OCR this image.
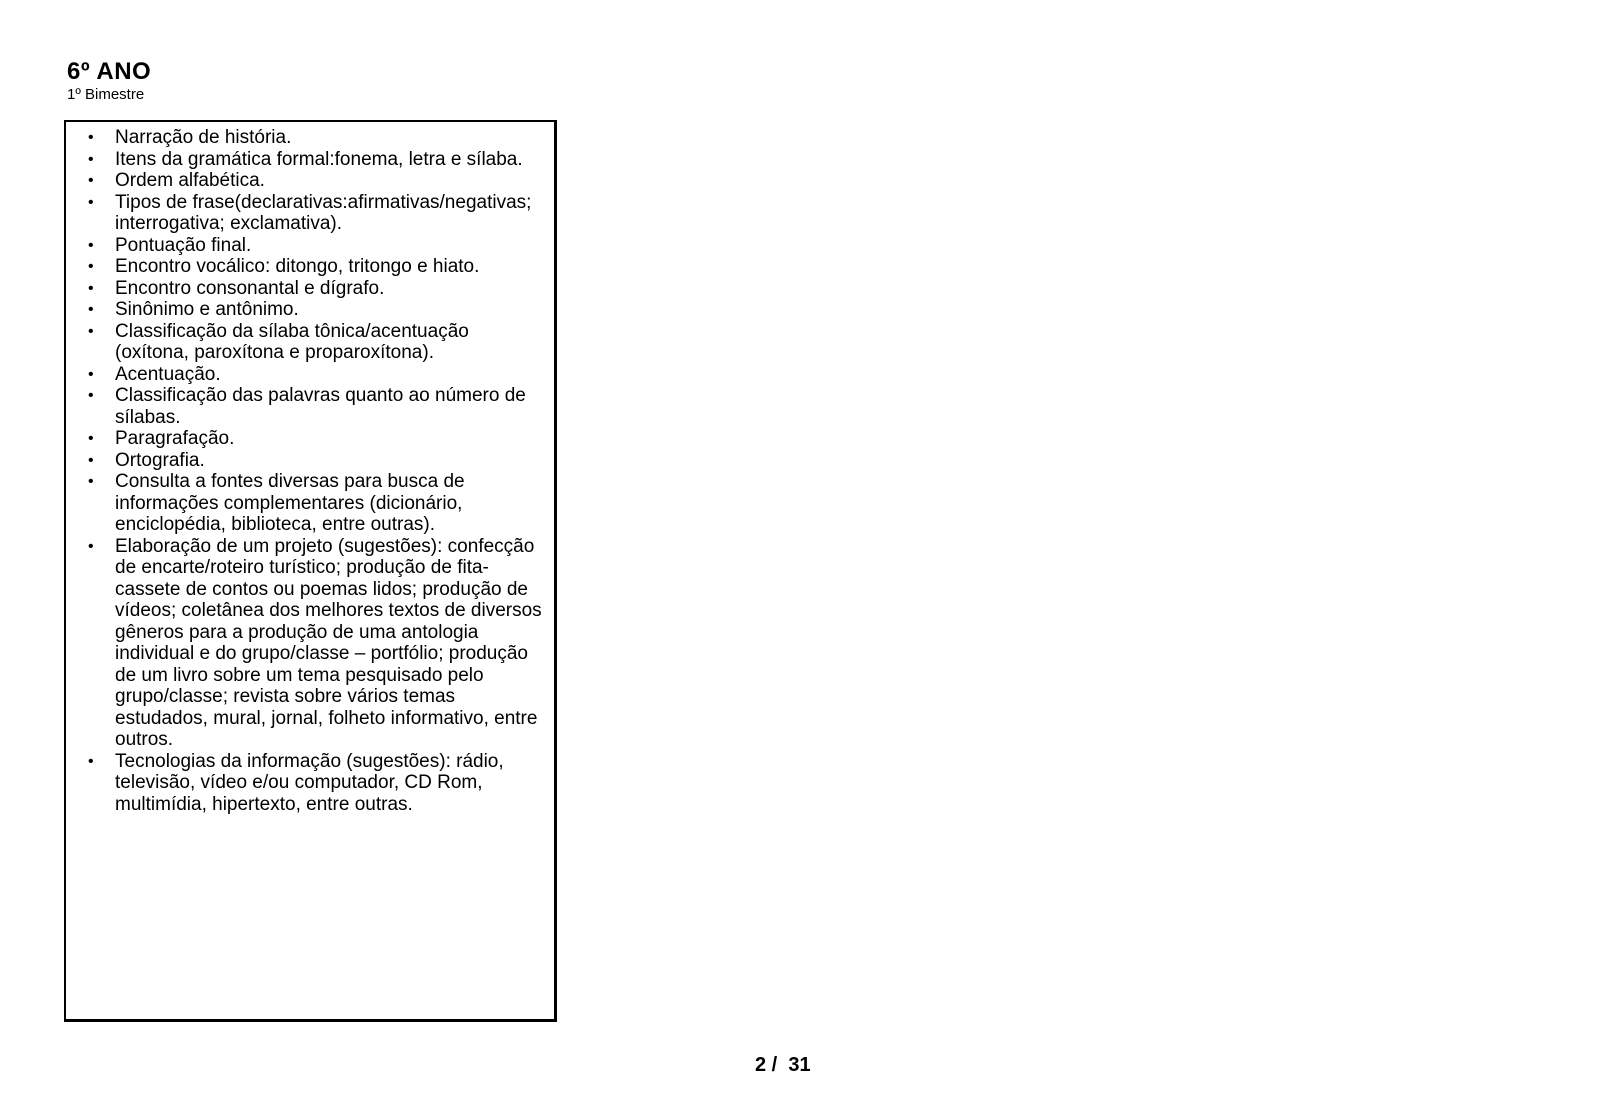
6º ANO
1º Bimestre
• Narração de história.
• Itens da gramática formal:fonema, letra e sílaba.
• Ordem alfabética.
• Tipos de frase(declarativas:afirmativas/negativas; interrogativa; exclamativa).
• Pontuação final.
• Encontro vocálico: ditongo, tritongo e hiato.
• Encontro consonantal e dígrafo.
• Sinônimo e antônimo.
• Classificação da sílaba tônica/acentuação (oxítona, paroxítona e proparoxítona).
• Acentuação.
• Classificação das palavras quanto ao número de sílabas.
• Paragrafação.
• Ortografia.
• Consulta a fontes diversas para busca de informações complementares (dicionário, enciclopédia, biblioteca, entre outras).
• Elaboração de um projeto (sugestões): confecção de encarte/roteiro turístico; produção de fita-cassete de contos ou poemas lidos; produção de vídeos; coletânea dos melhores textos de diversos gêneros para a produção de uma antologia individual e do grupo/classe – portfólio; produção de um livro sobre um tema pesquisado pelo grupo/classe; revista sobre vários temas estudados, mural, jornal, folheto informativo, entre outros.
• Tecnologias da informação (sugestões): rádio, televisão, vídeo e/ou computador, CD Rom, multimídia, hipertexto, entre outras.
2 /  31
